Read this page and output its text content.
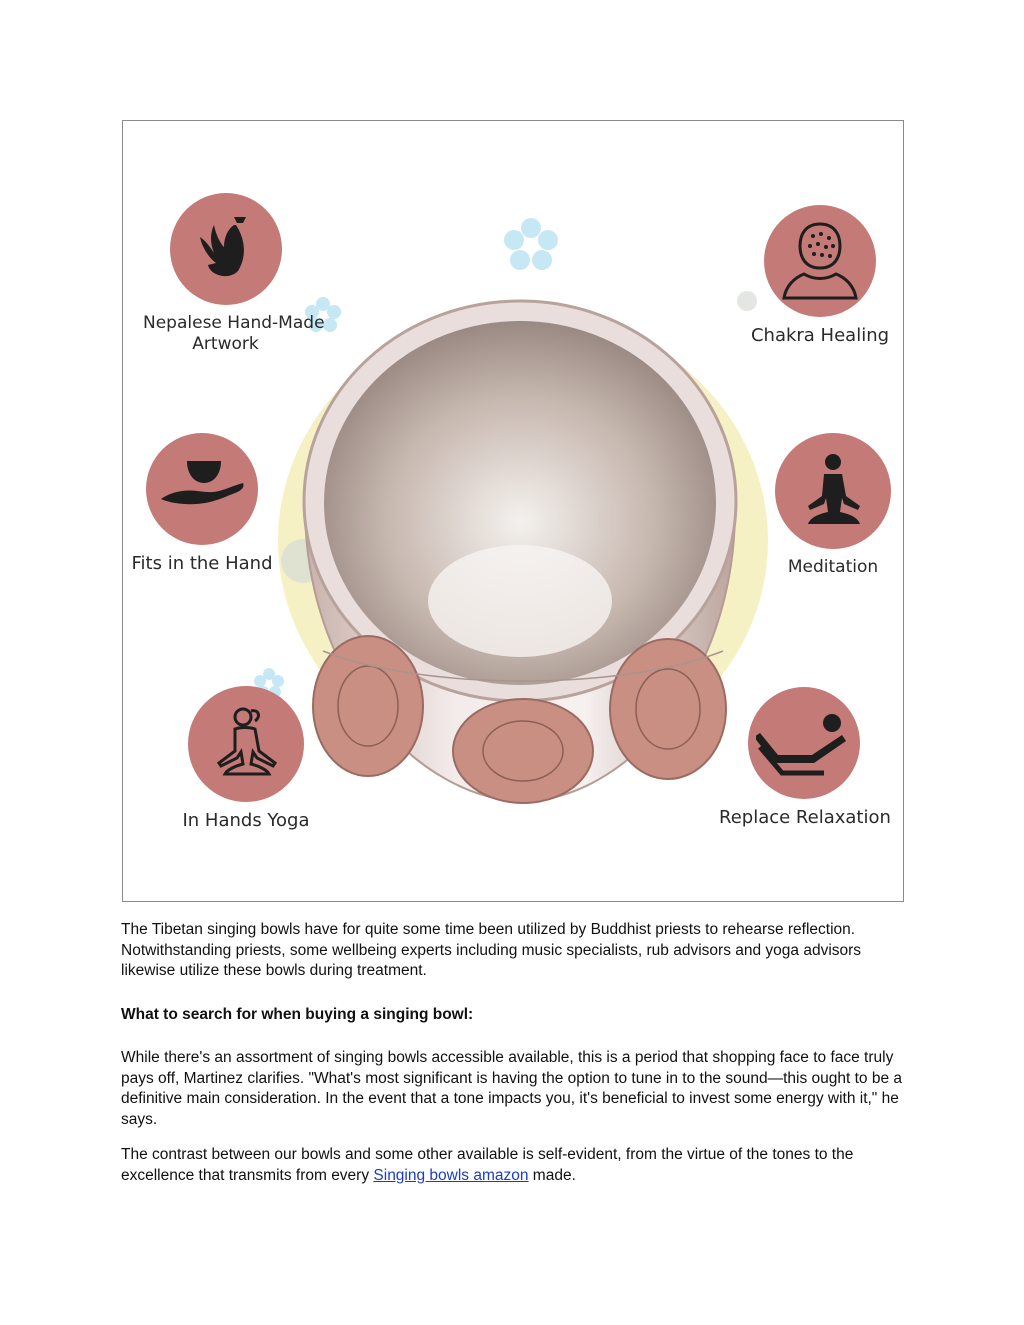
Nepalese Hand-Made
Artwork	Chakra Healing
Fits in the Hand	Meditation
In Hands Yoga	Replace Relaxation

The Tibetan singing bowls have for quite some time been utilized by Buddhist priests to rehearse reflection. Notwithstanding priests, some wellbeing experts including music specialists, rub advisors and yoga advisors likewise utilize these bowls during treatment.

What to search for when buying a singing bowl:

While there's an assortment of singing bowls accessible available, this is a period that shopping face to face truly pays off, Martinez clarifies. "What's most significant is having the option to tune in to the sound—this ought to be a definitive main consideration. In the event that a tone impacts you, it's beneficial to invest some energy with it," he says.

The contrast between our bowls and some other available is self-evident, from the virtue of the tones to the excellence that transmits from every Singing bowls amazon made.
